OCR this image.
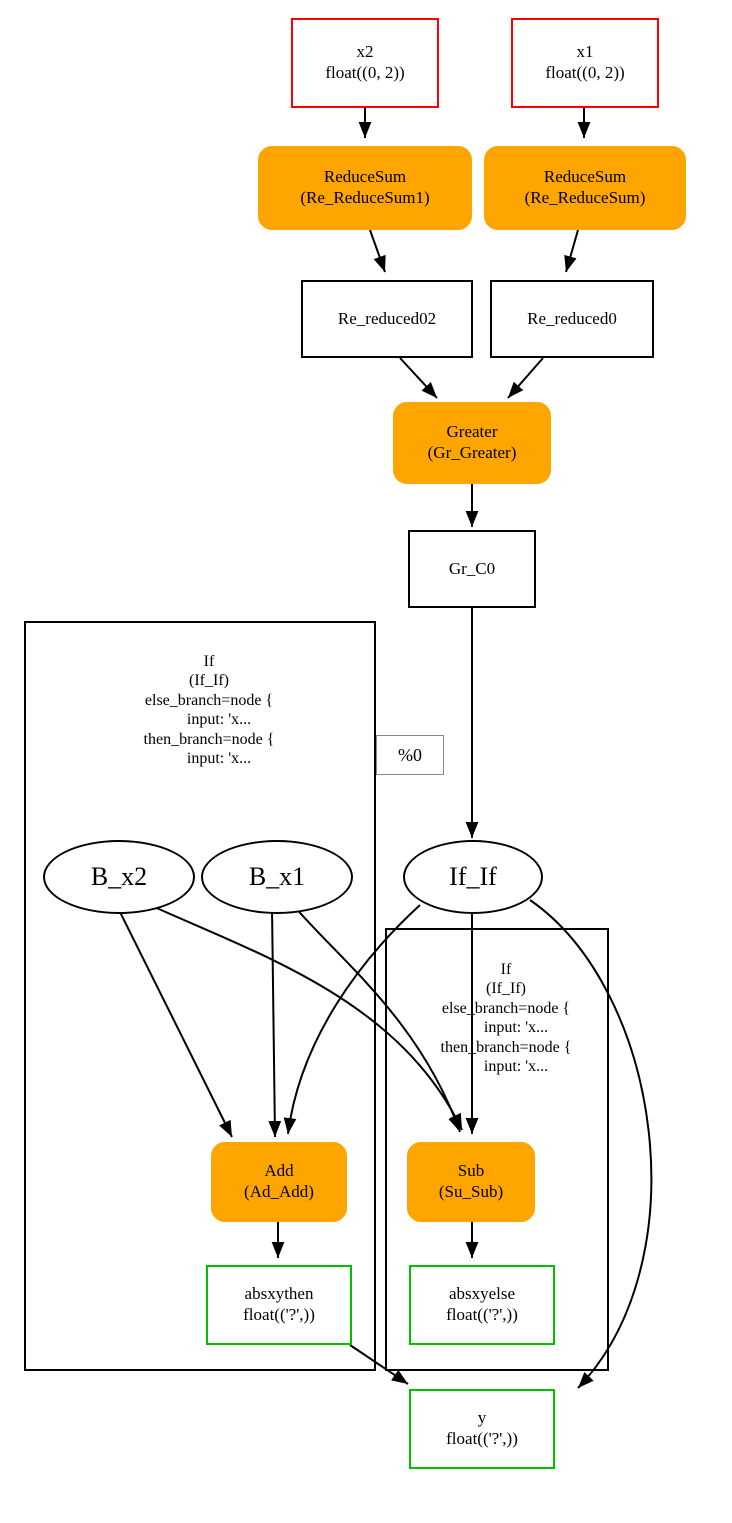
If
(If_If)
else_branch=node {
input: 'x...
then_branch=node {
input: 'x...

If
(If_If)
else_branch=node {
input: 'x...
then_branch=node {
input: 'x...

x2
float((0, 2))
x1
float((0, 2))
ReduceSum
(Re_ReduceSum1)
ReduceSum
(Re_ReduceSum)
Re_reduced02	Re_reduced0
Greater
(Gr_Greater)
Gr_C0
%0
B_x2	B_x1	If_If
Add
(Ad_Add)
Sub
(Su_Sub)
absxythen
float(('?',))
absxyelse
float(('?',))
y
float(('?',))
